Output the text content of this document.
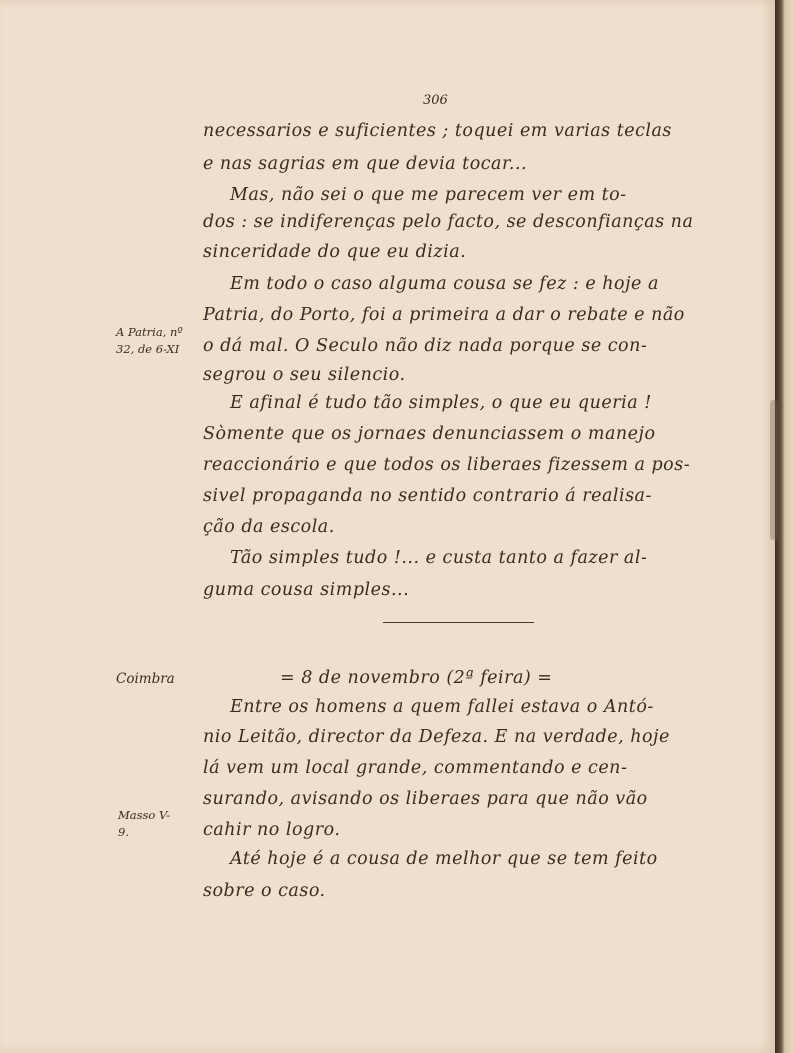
306
necessarios e suficientes ; toquei em varias teclas
e nas sagrias em que devia tocar...
Mas, não sei o que me parecem ver em to-
dos : se indiferenças pelo facto, se desconfianças na
sinceridade do que eu dizia.
Em todo o caso alguma cousa se fez : e hoje a
Patria, do Porto, foi a primeira a dar o rebate e não
o dá mal. O Seculo não diz nada porque se con-
segrou o seu silencio.
E afinal é tudo tão simples, o que eu queria !
Sòmente que os jornaes denunciassem o manejo
reaccionário e que todos os liberaes fizessem a pos-
sivel propaganda no sentido contrario á realisa-
ção da escola.
Tão simples tudo !... e custa tanto a fazer al-
guma cousa simples...
= 8 de novembro (2ª feira) =
Entre os homens a quem fallei estava o Antó-
nio Leitão, director da Defeza. E na verdade, hoje
lá vem um local grande, commentando e cen-
surando, avisando os liberaes para que não vão
cahir no logro.
Até hoje é a cousa de melhor que se tem feito
sobre o caso.
A Patria, nº
32, de 6-XI
Coimbra
Masso V-
9.
